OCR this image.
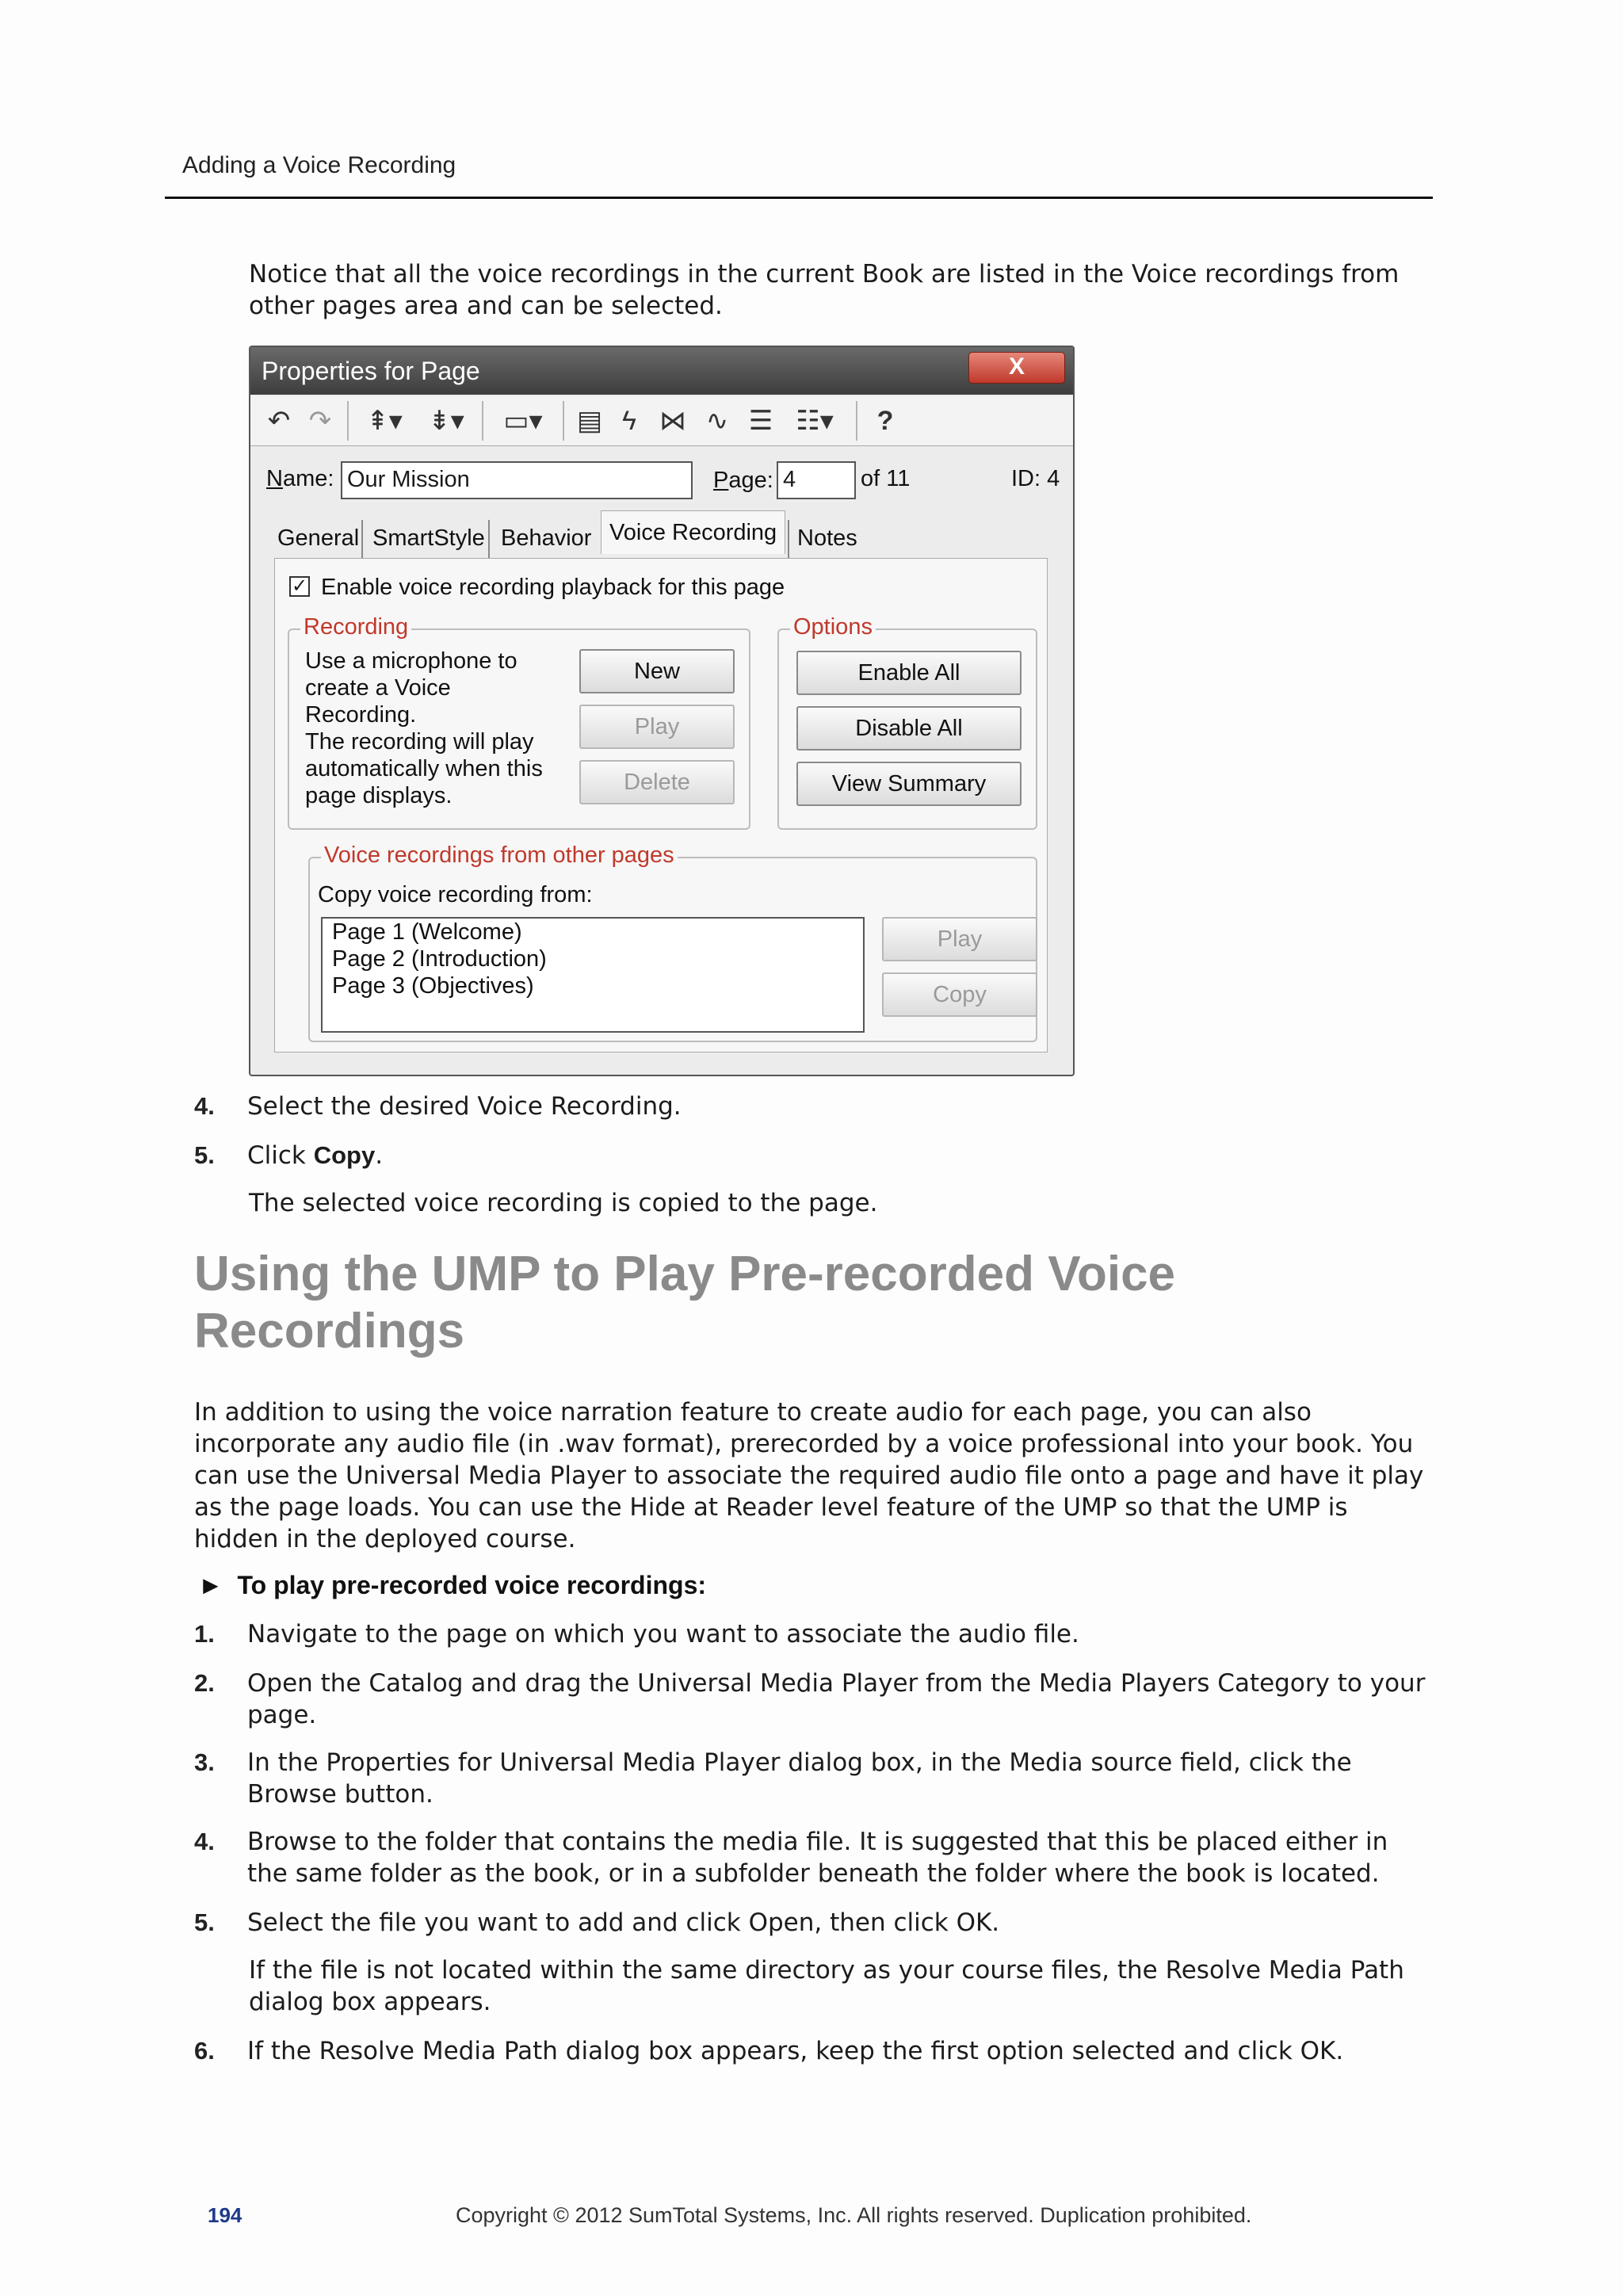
Adding a Voice Recording
Notice that all the voice recordings in the current Book are listed in the Voice recordings from other pages area and can be selected.
Properties for Page	X
↶ ↷	⇞▾ ⇟▾	▭▾	▤ ϟ ⋈ ∿ ☰ ☷▾	?
Name: Our Mission	Page: 4	of 11	ID: 4
General SmartStyle Behavior Voice Recording Notes
✓ Enable voice recording playback for this page
Recording
Use a microphone to create a Voice Recording.
The recording will play automatically when this page displays.
New
Play
Delete
Options
Enable All
Disable All
View Summary
Voice recordings from other pages
Copy voice recording from:
Page 1 (Welcome)
Page 2 (Introduction)
Page 3 (Objectives)
Play
Copy
4. Select the desired Voice Recording.
5. Click Copy.
The selected voice recording is copied to the page.
Using the UMP to Play Pre-recorded Voice Recordings
In addition to using the voice narration feature to create audio for each page, you can also incorporate any audio file (in .wav format), prerecorded by a voice professional into your book. You can use the Universal Media Player to associate the required audio file onto a page and have it play as the page loads. You can use the Hide at Reader level feature of the UMP so that the UMP is hidden in the deployed course.
► To play pre-recorded voice recordings:
1. Navigate to the page on which you want to associate the audio file.
2. Open the Catalog and drag the Universal Media Player from the Media Players Category to your page.
3. In the Properties for Universal Media Player dialog box, in the Media source field, click the Browse button.
4. Browse to the folder that contains the media file. It is suggested that this be placed either in the same folder as the book, or in a subfolder beneath the folder where the book is located.
5. Select the file you want to add and click Open, then click OK.
If the file is not located within the same directory as your course files, the Resolve Media Path dialog box appears.
6. If the Resolve Media Path dialog box appears, keep the first option selected and click OK.
194	Copyright © 2012 SumTotal Systems, Inc. All rights reserved. Duplication prohibited.
